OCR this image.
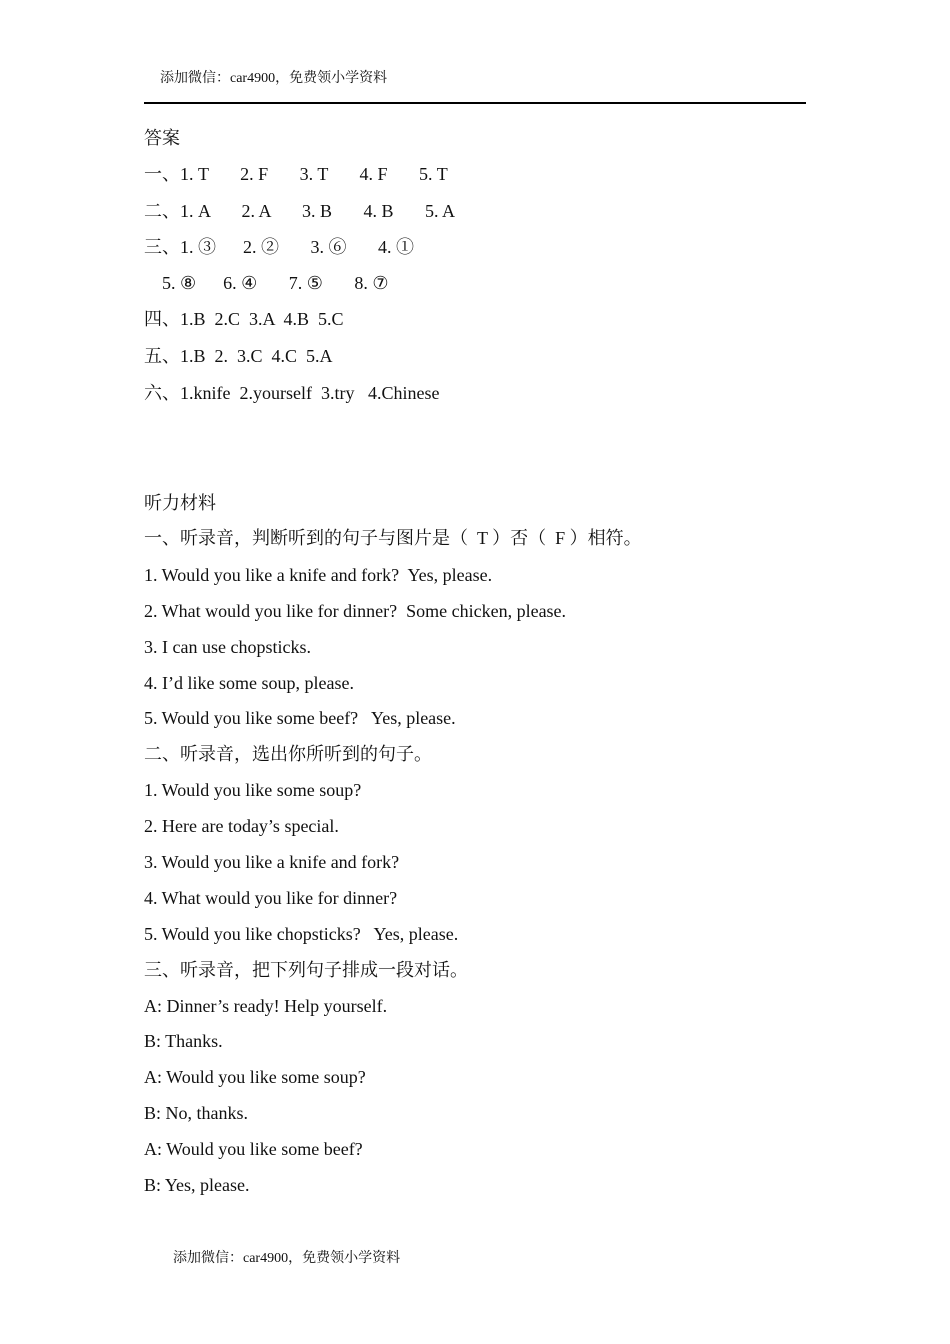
添加微信：car4900，免费领小学资料
答案
一、1. T       2. F       3. T       4. F       5. T
二、1. A       2. A       3. B       4. B       5. A
三、1. ③      2. ②       3. ⑥       4. ①
5. ⑧      6. ④       7. ⑤       8. ⑦
四、1.B  2.C  3.A  4.B  5.C
五、1.B  2.  3.C  4.C  5.A
六、1.knife  2.yourself  3.try   4.Chinese
听力材料
一、听录音，判断听到的句子与图片是（  T ）否（  F ）相符。
1. Would you like a knife and fork?  Yes, please.
2. What would you like for dinner?  Some chicken, please.
3. I can use chopsticks.
4. I’d like some soup, please.
5. Would you like some beef?   Yes, please.
二、听录音，选出你所听到的句子。
1. Would you like some soup?
2. Here are today’s special.
3. Would you like a knife and fork?
4. What would you like for dinner?
5. Would you like chopsticks?   Yes, please.
三、听录音，把下列句子排成一段对话。
A: Dinner’s ready! Help yourself.
B: Thanks.
A: Would you like some soup?
B: No, thanks.
A: Would you like some beef?
B: Yes, please.
添加微信：car4900，免费领小学资料
